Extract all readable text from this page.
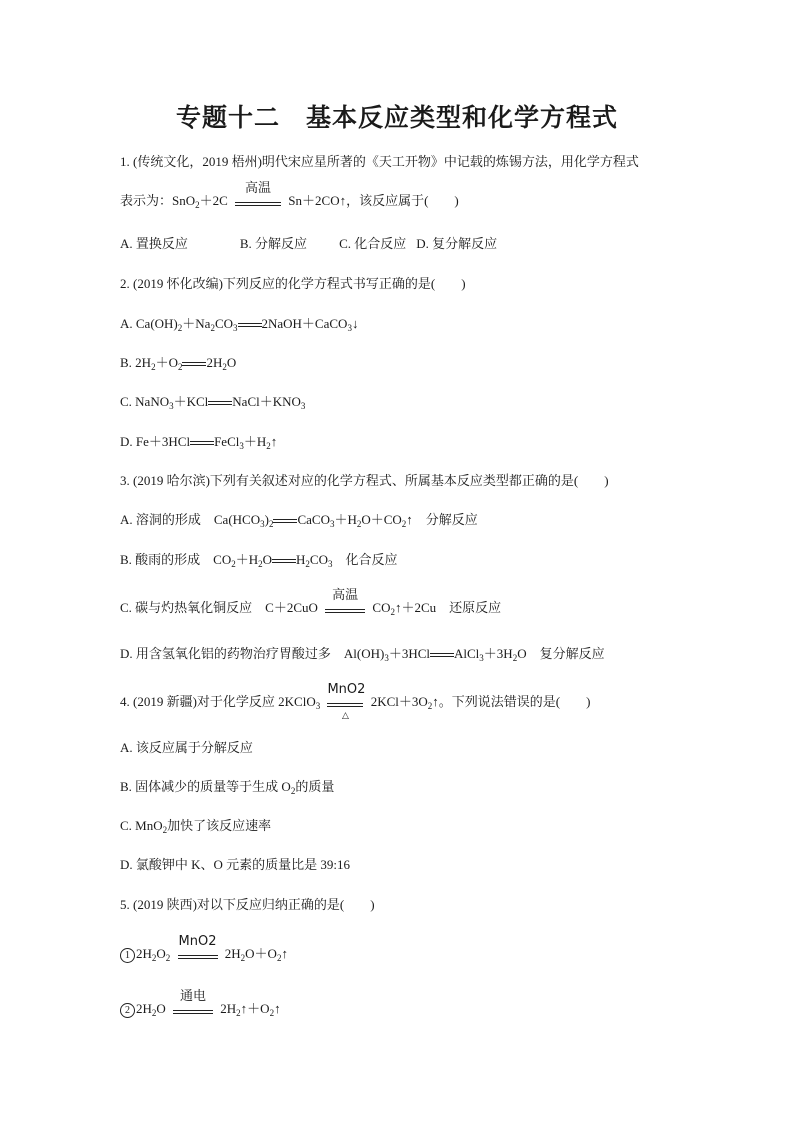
专题十二　基本反应类型和化学方程式
1. (传统文化，2019 梧州)明代宋应星所著的《天工开物》中记载的炼锡方法，用化学方程式
表示为：SnO$_2$＋2C
高温
Sn＋2CO↑，该反应属于(　　)
A. 置换反应	B. 分解反应 C. 化合反应 D. 复分解反应
2. (2019 怀化改编)下列反应的化学方程式书写正确的是(　　)
A. $Ca(OH)_2+Na_2CO_3$ 2NaOH＋CaCO$_3$↓
B. $2H_2+O_2$ $2H_2O$
C. NaNO$_3$＋KCl $NaCl+KNO_3$
D. Fe＋3HCl $FeCl_3+H_2↑$
3. (2019 哈尔滨)下列有关叙述对应的化学方程式、所属基本反应类型都正确的是(　　)
A. 溶洞的形成　$Ca(HCO_3)_2$ $CaCO_3+H_2O+CO_2↑$　分解反应
B. 酸雨的形成　$CO_2+H_2O$ $H_2CO_3$　化合反应
C. 碳与灼热氧化铜反应　C＋2CuO
高温
$CO_2↑+2Cu$　还原反应
D. 用含氢氧化铝的药物治疗胃酸过多　$Al(OH)_3+3HCl$ $AlCl_3+3H_2O$　复分解反应
4. (2019 新疆)对于化学反应 2KClO$_3$
MnO2
△
$2KCl+3O_2↑$。下列说法错误的是(　　)
A. 该反应属于分解反应
B. 固体减少的质量等于生成 $O_2$的质量
C. MnO$_2$加快了该反应速率
D. 氯酸钾中 K、O 元素的质量比是 39:16
5. (2019 陕西)对以下反应归纳正确的是(　　)
1 $2H_2O_2$
MnO2
$2H_2O+O_2↑$
2 $2H_2O$
通电
$2H_2↑+O_2↑$
